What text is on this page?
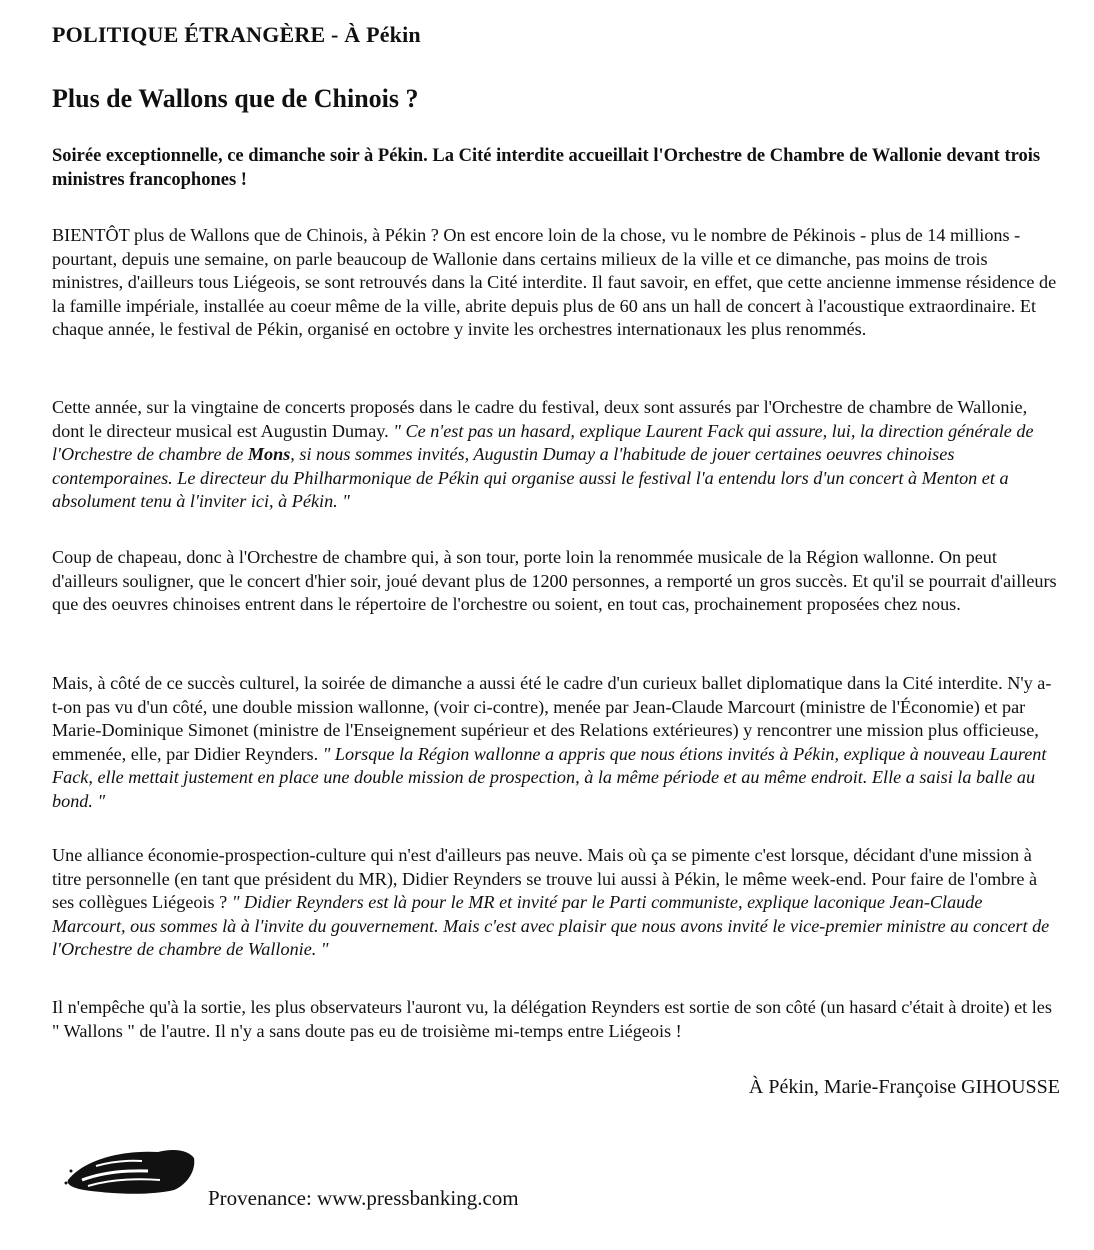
POLITIQUE ÉTRANGÈRE - À Pékin
Plus de Wallons que de Chinois ?
Soirée exceptionnelle, ce dimanche soir à Pékin. La Cité interdite accueillait l'Orchestre de Chambre de Wallonie devant trois ministres francophones !
BIENTÔT plus de Wallons que de Chinois, à Pékin ? On est encore loin de la chose, vu le nombre de Pékinois - plus de 14 millions - pourtant, depuis une semaine, on parle beaucoup de Wallonie dans certains milieux de la ville et ce dimanche, pas moins de trois ministres, d'ailleurs tous Liégeois, se sont retrouvés dans la Cité interdite. Il faut savoir, en effet, que cette ancienne immense résidence de la famille impériale, installée au coeur même de la ville, abrite depuis plus de 60 ans un hall de concert à l'acoustique extraordinaire. Et chaque année, le festival de Pékin, organisé en octobre y invite les orchestres internationaux les plus renommés.
Cette année, sur la vingtaine de concerts proposés dans le cadre du festival, deux sont assurés par l'Orchestre de chambre de Wallonie, dont le directeur musical est Augustin Dumay. " Ce n'est pas un hasard, explique Laurent Fack qui assure, lui, la direction générale de l'Orchestre de chambre de Mons, si nous sommes invités, Augustin Dumay a l'habitude de jouer certaines oeuvres chinoises contemporaines. Le directeur du Philharmonique de Pékin qui organise aussi le festival l'a entendu lors d'un concert à Menton et a absolument tenu à l'inviter ici, à Pékin. "
Coup de chapeau, donc à l'Orchestre de chambre qui, à son tour, porte loin la renommée musicale de la Région wallonne. On peut d'ailleurs souligner, que le concert d'hier soir, joué devant plus de 1200 personnes, a remporté un gros succès. Et qu'il se pourrait d'ailleurs que des oeuvres chinoises entrent dans le répertoire de l'orchestre ou soient, en tout cas, prochainement proposées chez nous.
Mais, à côté de ce succès culturel, la soirée de dimanche a aussi été le cadre d'un curieux ballet diplomatique dans la Cité interdite. N'y a-t-on pas vu d'un côté, une double mission wallonne, (voir ci-contre), menée par Jean-Claude Marcourt (ministre de l'Économie) et par Marie-Dominique Simonet (ministre de l'Enseignement supérieur et des Relations extérieures) y rencontrer une mission plus officieuse, emmenée, elle, par Didier Reynders. " Lorsque la Région wallonne a appris que nous étions invités à Pékin, explique à nouveau Laurent Fack, elle mettait justement en place une double mission de prospection, à la même période et au même endroit. Elle a saisi la balle au bond. "
Une alliance économie-prospection-culture qui n'est d'ailleurs pas neuve. Mais où ça se pimente c'est lorsque, décidant d'une mission à titre personnelle (en tant que président du MR), Didier Reynders se trouve lui aussi à Pékin, le même week-end. Pour faire de l'ombre à ses collègues Liégeois ? " Didier Reynders est là pour le MR et invité par le Parti communiste, explique laconique Jean-Claude Marcourt, ous sommes là à l'invite du gouvernement. Mais c'est avec plaisir que nous avons invité le vice-premier ministre au concert de l'Orchestre de chambre de Wallonie. "
Il n'empêche qu'à la sortie, les plus observateurs l'auront vu, la délégation Reynders est sortie de son côté (un hasard c'était à droite) et les " Wallons " de l'autre. Il n'y a sans doute pas eu de troisième mi-temps entre Liégeois !
À Pékin, Marie-Françoise GIHOUSSE
Provenance: www.pressbanking.com
